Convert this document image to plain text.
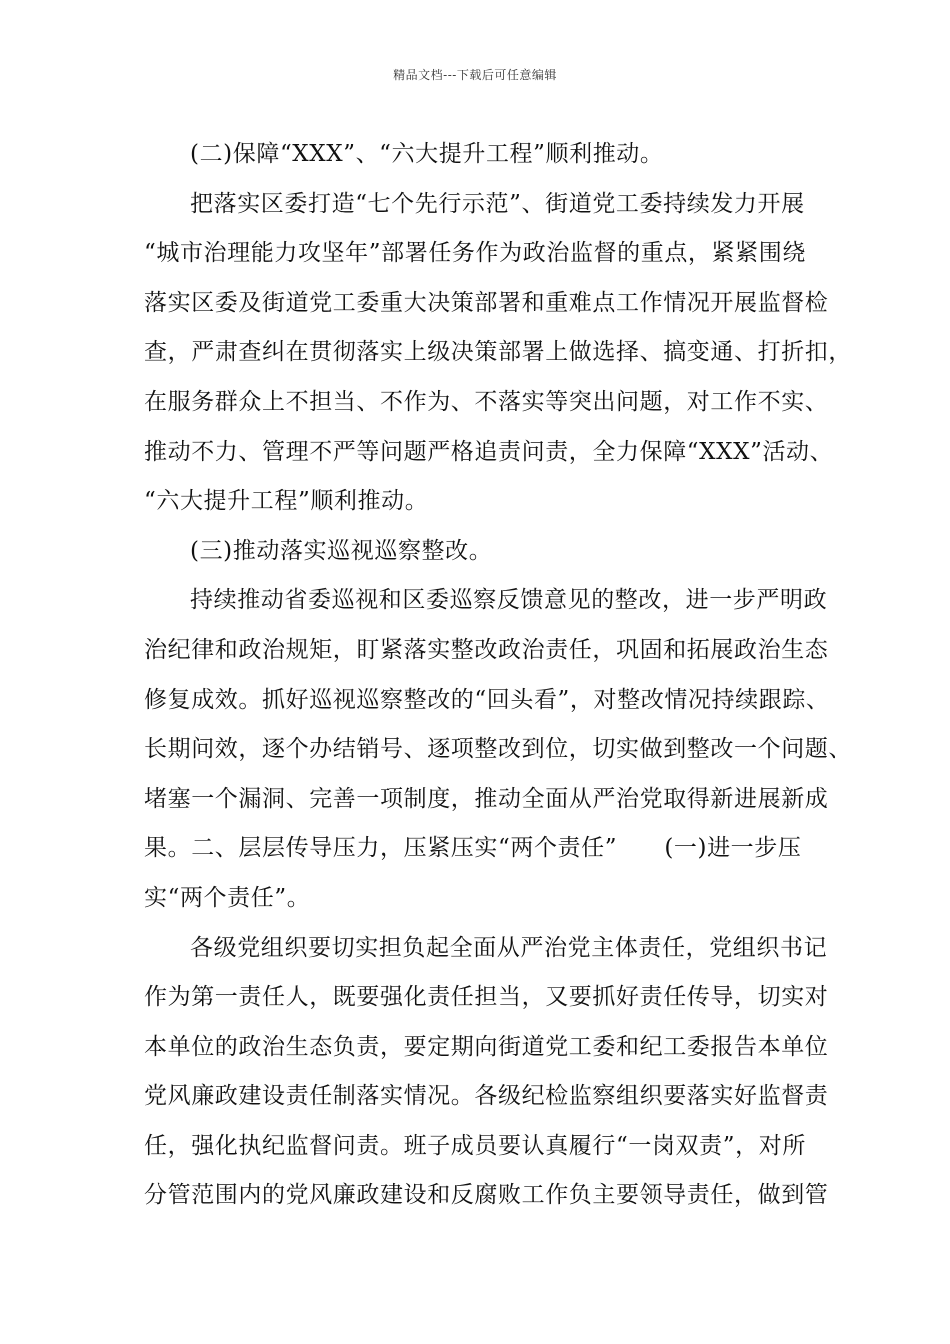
精品文档---下载后可任意编辑
(二)保障“XXX”、“六大提升工程”顺利推动。
把落实区委打造“七个先行示范”、街道党工委持续发力开展
“城市治理能力攻坚年”部署任务作为政治监督的重点，紧紧围绕
落实区委及街道党工委重大决策部署和重难点工作情况开展监督检
查，严肃查纠在贯彻落实上级决策部署上做选择、搞变通、打折扣，
在服务群众上不担当、不作为、不落实等突出问题，对工作不实、
推动不力、管理不严等问题严格追责问责，全力保障“XXX”活动、
“六大提升工程”顺利推动。
(三)推动落实巡视巡察整改。
持续推动省委巡视和区委巡察反馈意见的整改，进一步严明政
治纪律和政治规矩，盯紧落实整改政治责任，巩固和拓展政治生态
修复成效。抓好巡视巡察整改的“回头看”，对整改情况持续跟踪、
长期问效，逐个办结销号、逐项整改到位，切实做到整改一个问题、
堵塞一个漏洞、完善一项制度，推动全面从严治党取得新进展新成
果。二、层层传导压力，压紧压实“两个责任”　　(一)进一步压
实“两个责任”。
各级党组织要切实担负起全面从严治党主体责任，党组织书记
作为第一责任人，既要强化责任担当，又要抓好责任传导，切实对
本单位的政治生态负责，要定期向街道党工委和纪工委报告本单位
党风廉政建设责任制落实情况。各级纪检监察组织要落实好监督责
任，强化执纪监督问责。班子成员要认真履行“一岗双责”，对所
分管范围内的党风廉政建设和反腐败工作负主要领导责任，做到管
